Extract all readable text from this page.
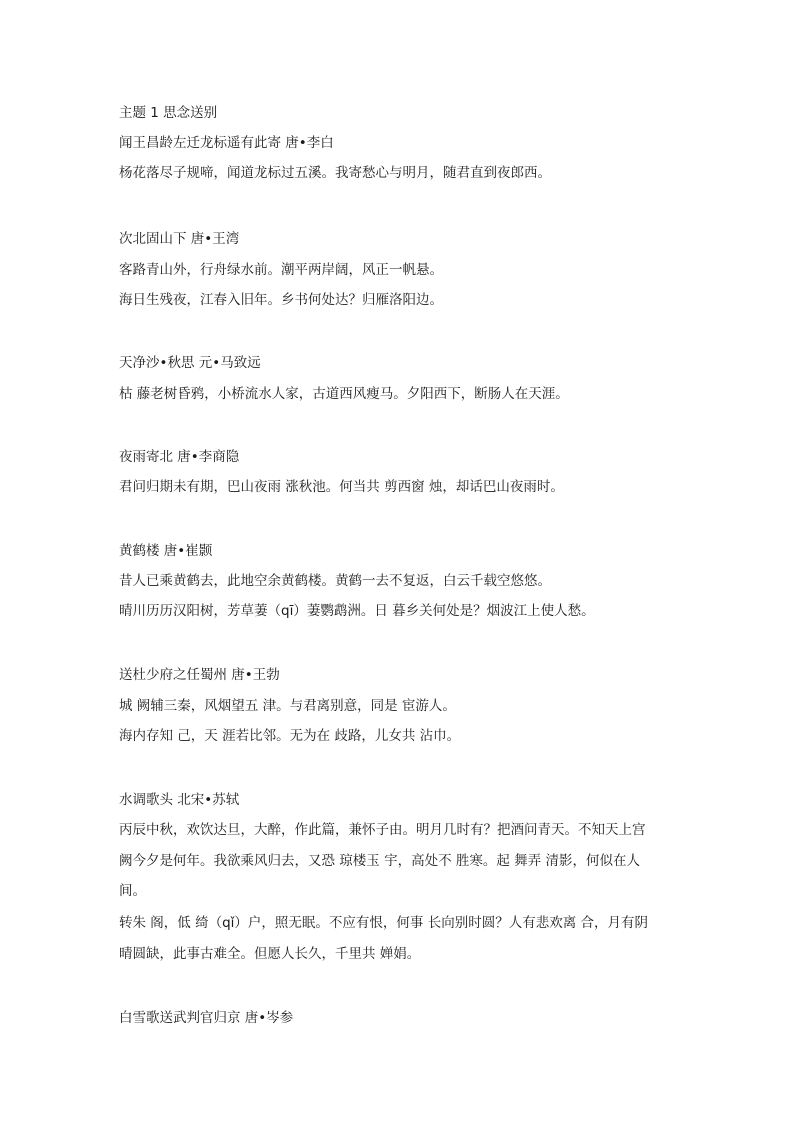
主题 1 思念送别
闻王昌龄左迁龙标遥有此寄 唐•李白
杨花落尽子规啼，闻道龙标过五溪。我寄愁心与明月，随君直到夜郎西。
次北固山下 唐•王湾
客路青山外，行舟绿水前。潮平两岸阔，风正一帆悬。
海日生残夜，江春入旧年。乡书何处达？归雁洛阳边。
天净沙•秋思 元•马致远
枯 藤老树昏鸦，小桥流水人家，古道西风瘦马。夕阳西下，断肠人在天涯。
夜雨寄北 唐•李商隐
君问归期未有期，巴山夜雨 涨秋池。何当共 剪西窗 烛，却话巴山夜雨时。
黄鹤楼 唐•崔颢
昔人已乘黄鹤去，此地空余黄鹤楼。黄鹤一去不复返，白云千载空悠悠。
晴川历历汉阳树，芳草萋（qī）萋鹦鹉洲。日 暮乡关何处是？烟波江上使人愁。
送杜少府之任蜀州 唐•王勃
城 阙辅三秦，风烟望五 津。与君离别意，同是 宦游人。
海内存知 己，天 涯若比邻。无为在 歧路，儿女共 沾巾。
水调歌头 北宋•苏轼
丙辰中秋，欢饮达旦，大醉，作此篇，兼怀子由。明月几时有？把酒问青天。不知天上宫
阙今夕是何年。我欲乘风归去，又恐 琼楼玉 宇，高处不 胜寒。起 舞弄 清影，何似在人
间。
转朱 阁，低 绮（qǐ）户，照无眠。不应有恨，何事 长向别时圆？人有悲欢离 合，月有阴
晴圆缺，此事古难全。但愿人长久，千里共 婵娟。
白雪歌送武判官归京 唐•岑参
